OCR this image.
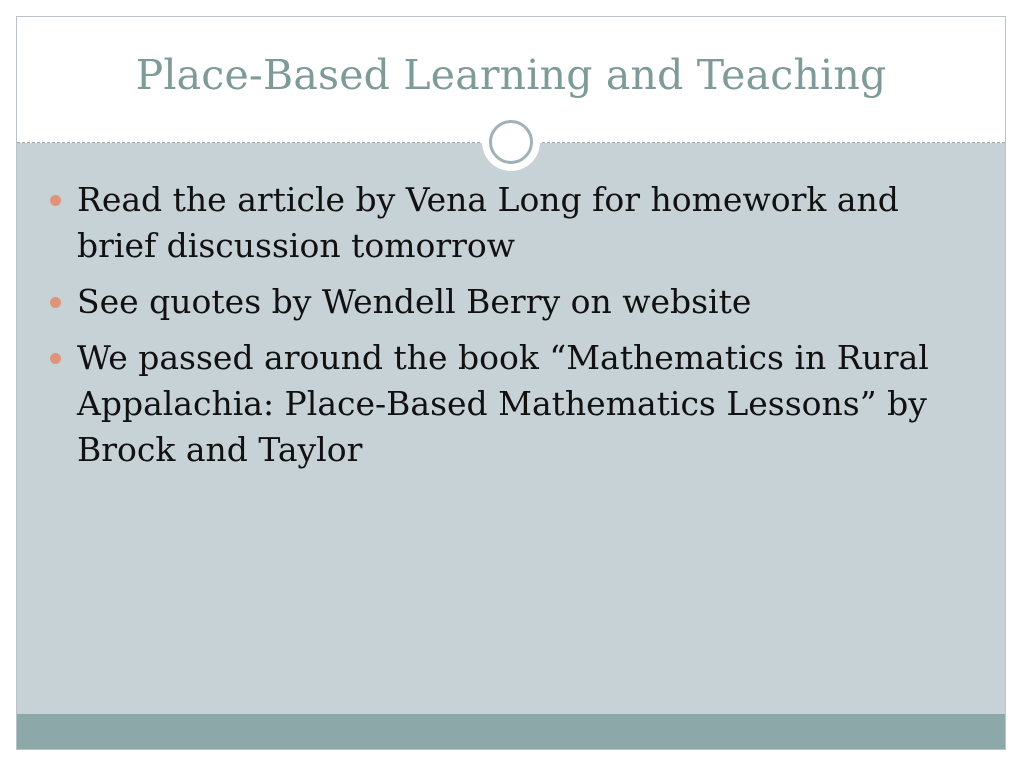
Place-Based Learning and Teaching
Read the article by Vena Long for homework and brief discussion tomorrow
See quotes by Wendell Berry on website
We passed around the book “Mathematics in Rural Appalachia: Place-Based Mathematics Lessons” by Brock and Taylor
